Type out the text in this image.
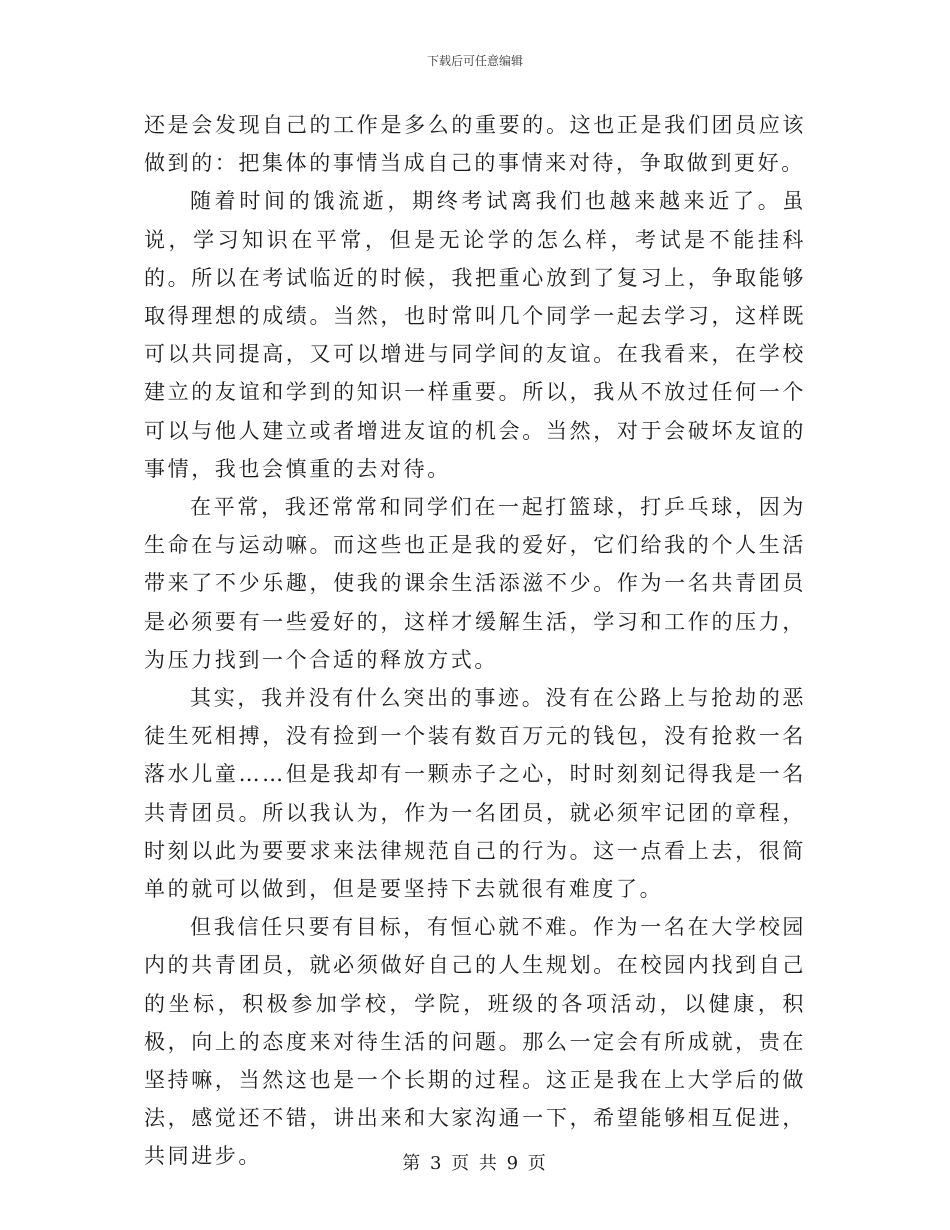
下载后可任意编辑

还是会发现自己的工作是多么的重要的。这也正是我们团员应该做到的：把集体的事情当成自己的事情来对待，争取做到更好。

随着时间的饿流逝，期终考试离我们也越来越来近了。虽说，学习知识在平常，但是无论学的怎么样，考试是不能挂科的。所以在考试临近的时候，我把重心放到了复习上，争取能够取得理想的成绩。当然，也时常叫几个同学一起去学习，这样既可以共同提高，又可以增进与同学间的友谊。在我看来，在学校建立的友谊和学到的知识一样重要。所以，我从不放过任何一个可以与他人建立或者增进友谊的机会。当然，对于会破坏友谊的事情，我也会慎重的去对待。

在平常，我还常常和同学们在一起打篮球，打乒乓球，因为生命在与运动嘛。而这些也正是我的爱好，它们给我的个人生活带来了不少乐趣，使我的课余生活添滋不少。作为一名共青团员是必须要有一些爱好的，这样才缓解生活，学习和工作的压力，为压力找到一个合适的释放方式。

其实，我并没有什么突出的事迹。没有在公路上与抢劫的恶徒生死相搏，没有捡到一个装有数百万元的钱包，没有抢救一名落水儿童……但是我却有一颗赤子之心，时时刻刻记得我是一名共青团员。所以我认为，作为一名团员，就必须牢记团的章程，时刻以此为要要求来法律规范自己的行为。这一点看上去，很简单的就可以做到，但是要坚持下去就很有难度了。

但我信任只要有目标，有恒心就不难。作为一名在大学校园内的共青团员，就必须做好自己的人生规划。在校园内找到自己的坐标，积极参加学校，学院，班级的各项活动，以健康，积极，向上的态度来对待生活的问题。那么一定会有所成就，贵在坚持嘛，当然这也是一个长期的过程。这正是我在上大学后的做法，感觉还不错，讲出来和大家沟通一下，希望能够相互促进，共同进步。	第 3 页 共 9 页
